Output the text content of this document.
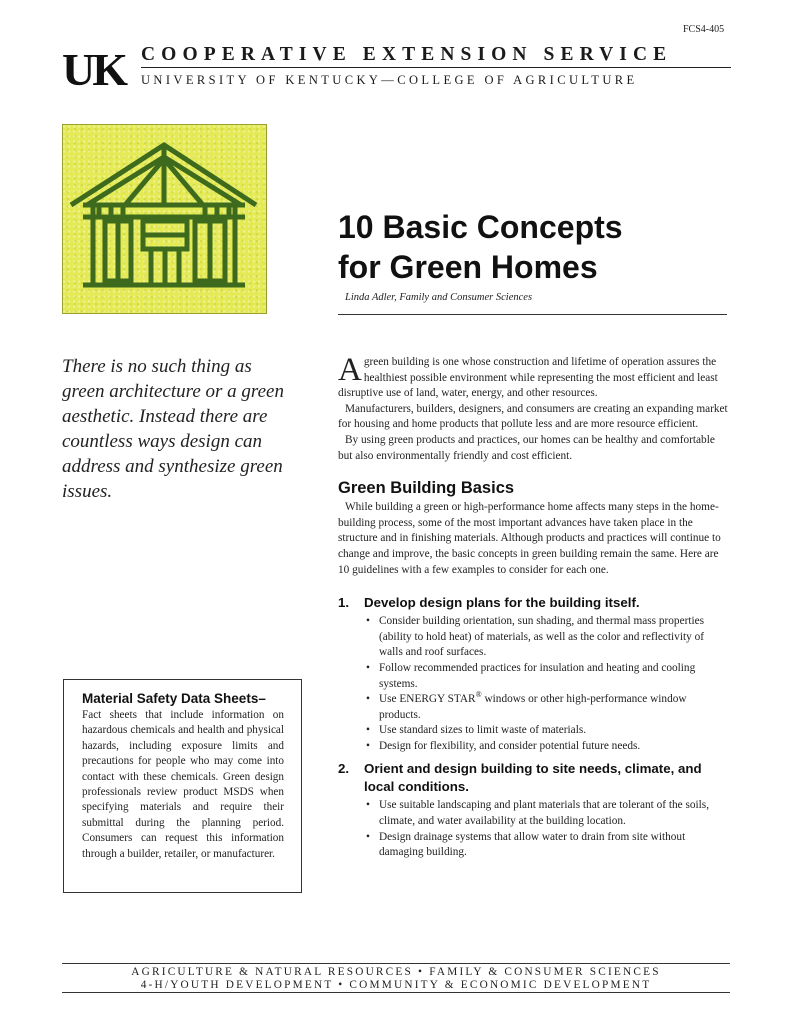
FCS4-405
UK COOPERATIVE EXTENSION SERVICE
UNIVERSITY OF KENTUCKY—COLLEGE OF AGRICULTURE
10 Basic Concepts
for Green Homes
Linda Adler, Family and Consumer Sciences
There is no such thing as green architecture or a green aesthetic. Instead there are countless ways design can address and synthesize green issues.
Material Safety Data Sheets–
Fact sheets that include information on hazardous chemicals and health and physical hazards, including exposure limits and precautions for people who may come into contact with these chemicals. Green design professionals review product MSDS when specifying materials and require their submittal during the planning period. Consumers can request this information through a builder, retailer, or manufacturer.

Agreen building is one whose construction and lifetime of operation assures the healthiest possible environment while representing the most efficient and least disruptive use of land, water, energy, and other resources.

Manufacturers, builders, designers, and consumers are creating an expanding market for housing and home products that pollute less and are more resource efficient.

By using green products and practices, our homes can be healthy and comfortable but also environmentally friendly and cost efficient.

Green Building Basics

While building a green or high-performance home affects many steps in the home-building process, some of the most important advances have taken place in the structure and in finishing materials. Although products and practices will continue to change and improve, the basic concepts in green building remain the same. Here are 10 guidelines with a few examples to consider for each one.

1.	Develop design plans for the building itself.
• Consider building orientation, sun shading, and thermal mass properties (ability to hold heat) of materials, as well as the color and reflectivity of walls and roof surfaces.
• Follow recommended practices for insulation and heating and cooling systems.
• Use ENERGY STAR® windows or other high-performance window products.
• Use standard sizes to limit waste of materials.
• Design for flexibility, and consider potential future needs.
2.	Orient and design building to site needs, climate, and local conditions.
• Use suitable landscaping and plant materials that are tolerant of the soils, climate, and water availability at the building location.
• Design drainage systems that allow water to drain from site without damaging building.
AGRICULTURE & NATURAL RESOURCES • FAMILY & CONSUMER SCIENCES
4-H/YOUTH DEVELOPMENT • COMMUNITY & ECONOMIC DEVELOPMENT
